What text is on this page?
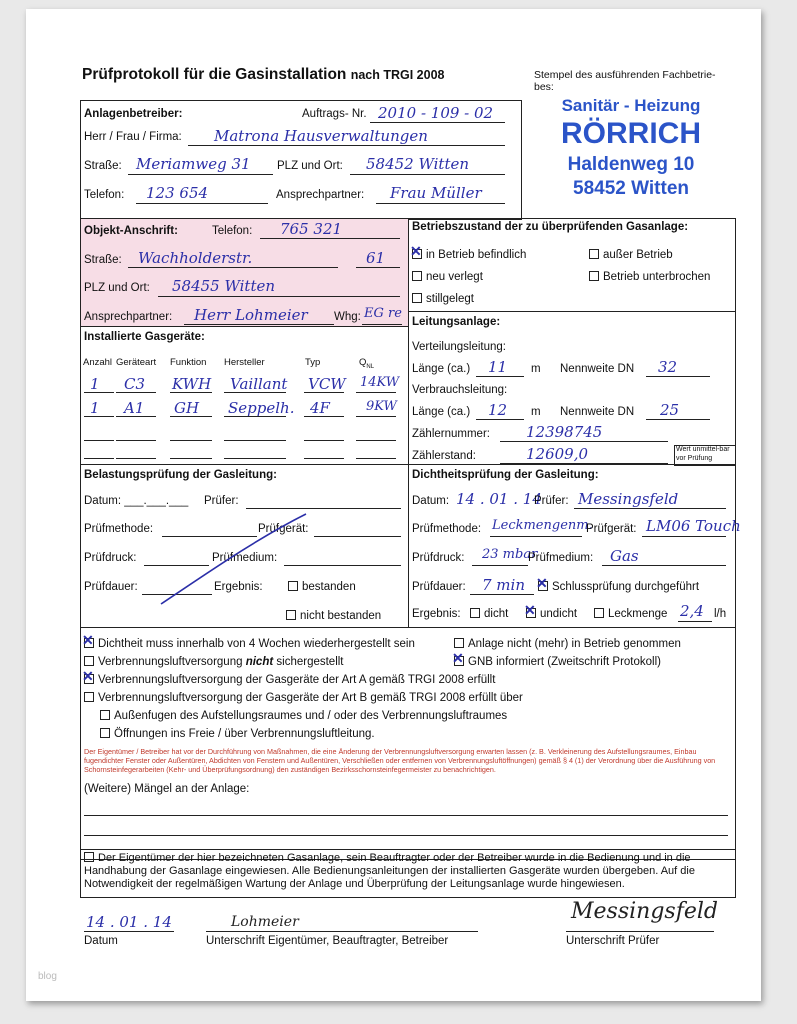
Prüfprotokoll für die Gasinstallation nach TRGI 2008	Stempel des ausführenden Fachbetrie-bes:
Sanitär - Heizung
RÖRRICH
Haldenweg 10
58452 Witten
Anlagenbetreiber:	Auftrags- Nr. 2010 - 109 - 02
Herr / Frau / Firma: Matrona Hausverwaltungen
Straße: Meriamweg 31 PLZ und Ort: 58452 Witten
Telefon: 123 654	Ansprechpartner: Frau Müller
Objekt-Anschrift:	Telefon: 765 321
Straße: Wachholderstr.	61
PLZ und Ort: 58455 Witten
Ansprechpartner: Herr Lohmeier Whg: EG re
Betriebszustand der zu überprüfenden Gasanlage:
✕in Betrieb befindlich	außer Betrieb
neu verlegt	Betrieb unterbrochen
stillgelegt
Installierte Gasgeräte:
Anzahl Geräteart Funktion Hersteller	Typ	$Q_{NL}$
1 C3 KWH Vaillant VCW 14KW
1 A1 GH Seppelh. 4F	9KW
Leitungsanlage:
Verteilungsleitung:
Länge (ca.) 11 m Nennweite DN 32
Verbrauchsleitung:
Länge (ca.) 12 m Nennweite DN 25
Zählernummer: 12398745
Zählerstand:	12609,0	Wert unmittel-bar vor Prüfung
Belastungsprüfung der Gasleitung:
Datum: ___.___.___ Prüfer:
Prüfmethode:	Prüfgerät:
Prüfdruck:	Prüfmedium:
Prüfdauer:	Ergebnis:	bestanden
nicht bestanden
Dichtheitsprüfung der Gasleitung:
Datum: 14 . 01 . 14
Prüfer: Messingsfeld
Prüfmethode: Leckmengenm.
Prüfgerät: LM06 Touch
Prüfdruck: 23 mbar
Prüfmedium: Gas
Prüfdauer: 7 min ✕	Schlussprüfung durchgeführt
Ergebnis:	dicht ✕	undicht	Leckmenge 2,4 l/h
✕Dichtheit muss innerhalb von 4 Wochen wiederhergestellt sein	Anlage nicht (mehr) in Betrieb genommen
Verbrennungsluftversorgung nicht sichergestellt ✕	GNB informiert (Zweitschrift Protokoll)
✕Verbrennungsluftversorgung der Gasgeräte der Art A gemäß TRGI 2008 erfüllt
Verbrennungsluftversorgung der Gasgeräte der Art B gemäß TRGI 2008 erfüllt über
Außenfugen des Aufstellungsraumes und / oder des Verbrennungsluftraumes
Öffnungen ins Freie / über Verbrennungsluftleitung.
Der Eigentümer / Betreiber hat vor der Durchführung von Maßnahmen, die eine Änderung der Verbrennungsluftversorgung erwarten lassen (z. B. Verkleinerung des Aufstellungsraumes, Einbau fugendichter Fenster oder Außentüren, Abdichten von Fenstern und Außentüren, Verschließen oder entfernen von Verbrennungsluftöffnungen) gemäß § 4 (1) der Verordnung über die Ausführung von Schornsteinfegerarbeiten (Kehr- und Überprüfungsordnung) den zuständigen Bezirksschornsteinfegermeister zu benachrichtigen.
(Weitere) Mängel an der Anlage:
Der Eigentümer der hier bezeichneten Gasanlage, sein Beauftragter oder der Betreiber wurde in die Bedienung und in die Handhabung der Gasanlage eingewiesen. Alle Bedienungsanleitungen der installierten Gasgeräte wurden übergeben. Auf die Notwendigkeit der regelmäßigen Wartung der Anlage und Überprüfung der Leitungsanlage wurde hingewiesen.
14 . 01 . 14
Datum
Lohmeier
Unterschrift Eigentümer, Beauftragter, Betreiber
Messingsfeld
Unterschrift Prüfer
blog
